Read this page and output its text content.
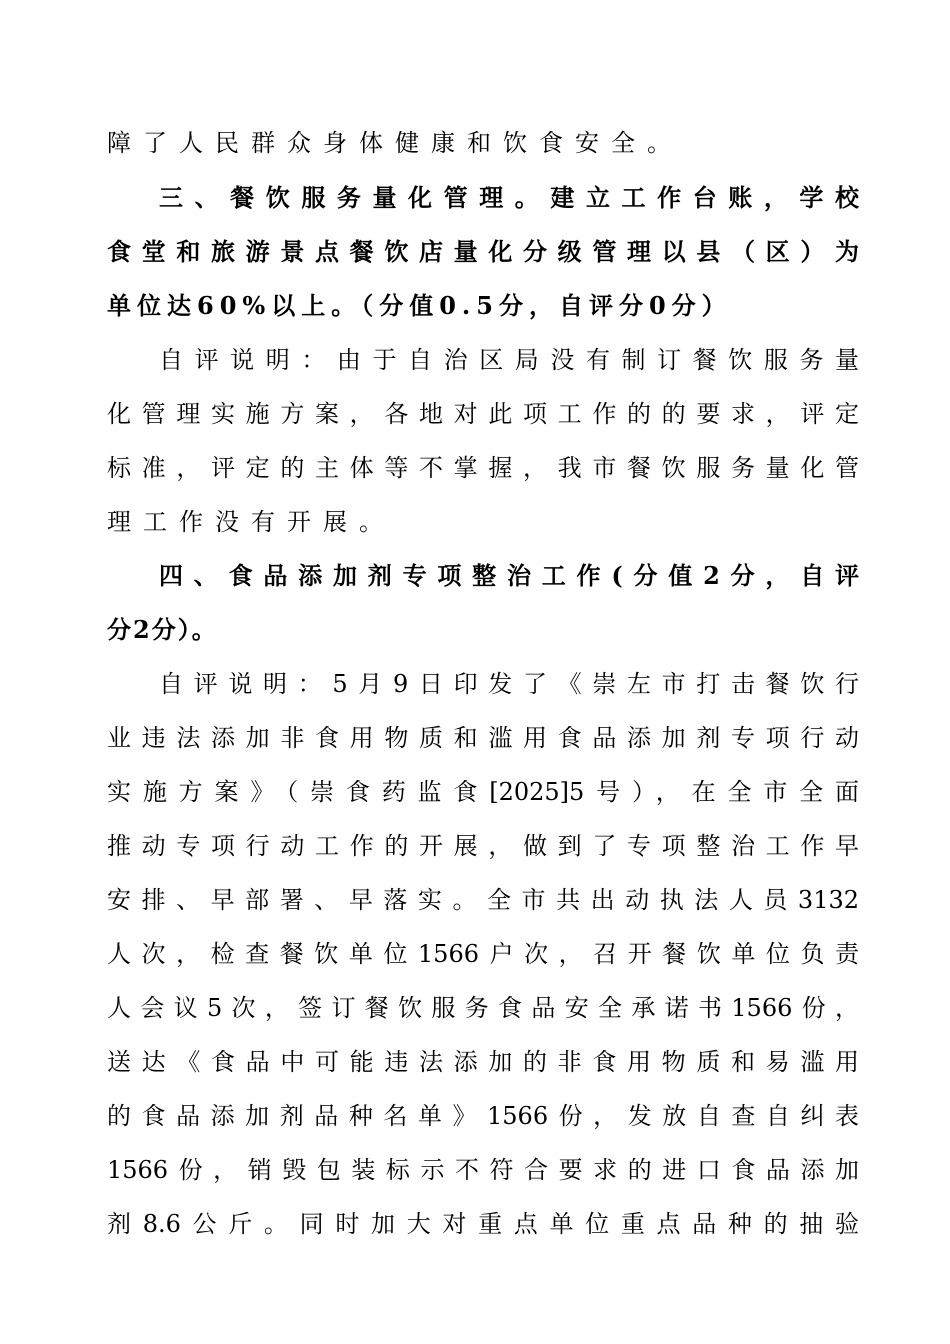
障了人民群众身体健康和饮食安全。

三、餐饮服务量化管理。建立工作台账，学校

食堂和旅游景点餐饮店量化分级管理以县（区）为

单位达60%以上。（分值0.5分，自评分0分）

自评说明：由于自治区局没有制订餐饮服务量

化管理实施方案，各地对此项工作的的要求，评定

标准，评定的主体等不掌握，我市餐饮服务量化管

理工作没有开展。

四、食品添加剂专项整治工作(分值2分，自评

分2分）。

自评说明：5月9日印发了《崇左市打击餐饮行

业违法添加非食用物质和滥用食品添加剂专项行动

实施方案》（崇食药监食[2025]5号），在全市全面

推动专项行动工作的开展，做到了专项整治工作早

安排、早部署、早落实。全市共出动执法人员3132

人次，检查餐饮单位1566户次，召开餐饮单位负责

人会议5次，签订餐饮服务食品安全承诺书1566份，

送达《食品中可能违法添加的非食用物质和易滥用

的食品添加剂品种名单》1566份，发放自查自纠表

1566份，销毁包装标示不符合要求的进口食品添加

剂8.6公斤。同时加大对重点单位重点品种的抽验
